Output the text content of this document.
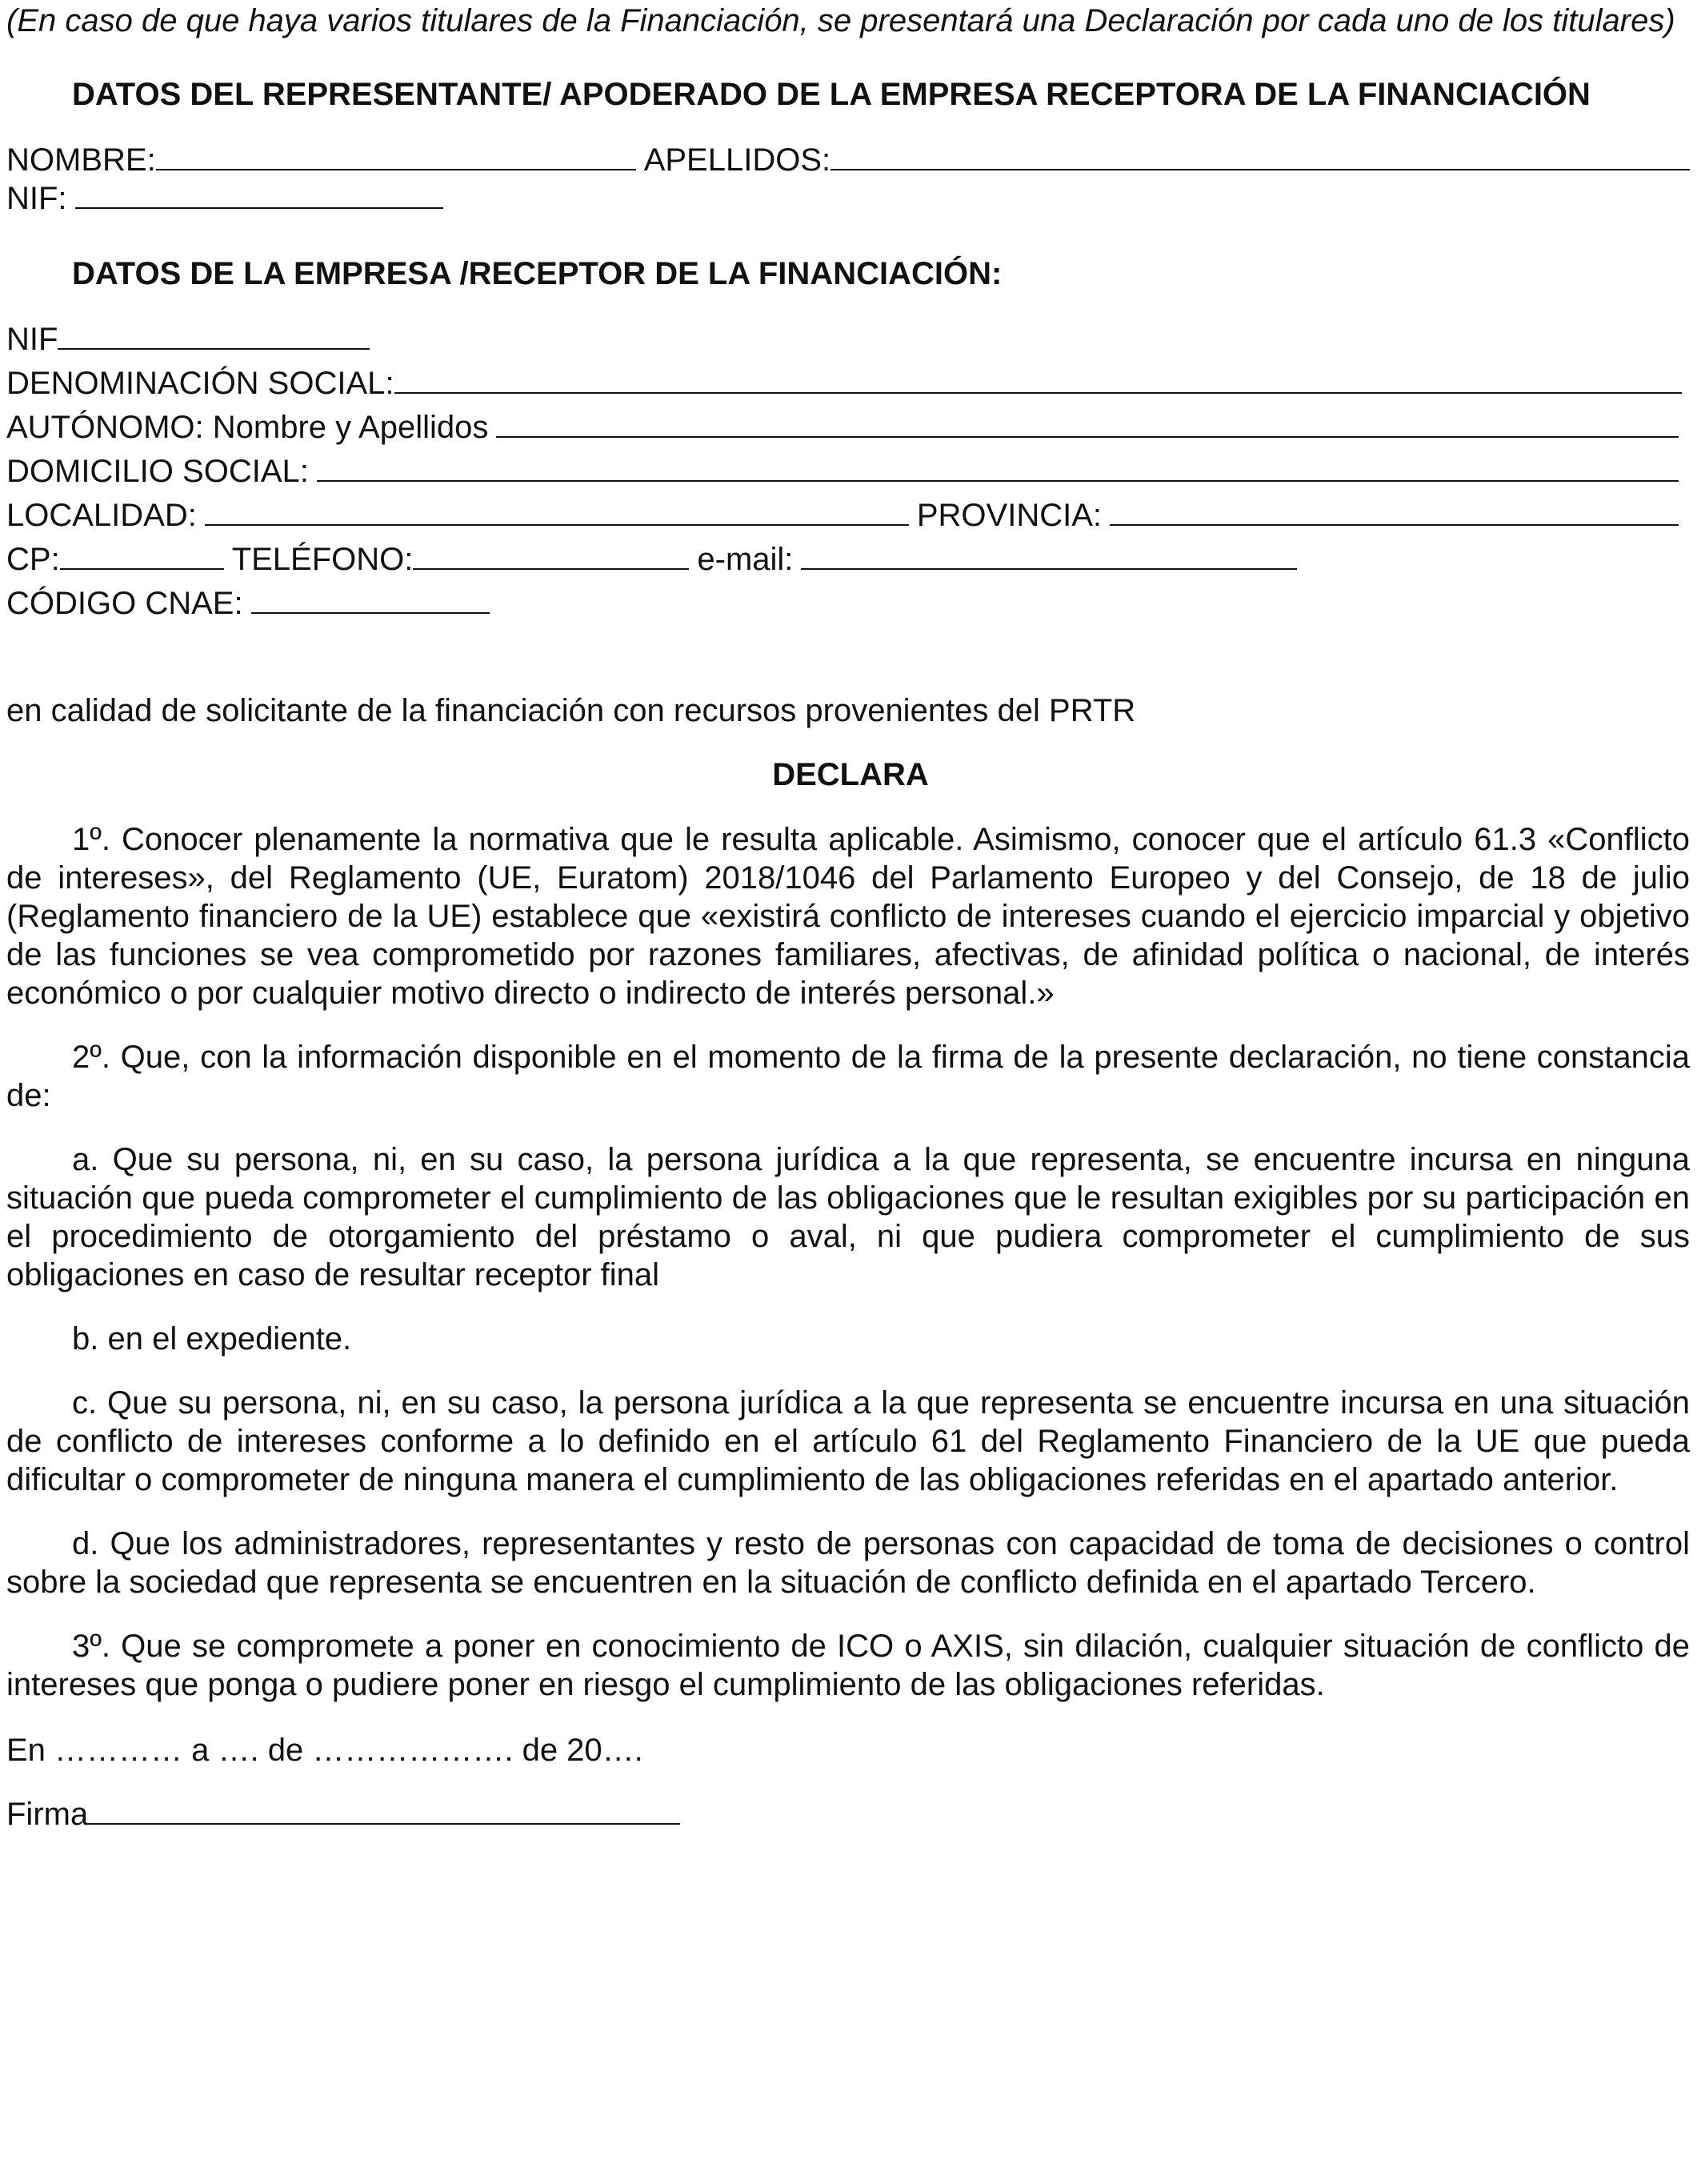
(En caso de que haya varios titulares de la Financiación, se presentará una Declaración por cada uno de los titulares)
DATOS DEL REPRESENTANTE/ APODERADO DE LA EMPRESA RECEPTORA DE LA FINANCIACIÓN
NOMBRE:	APELLIDOS:
NIF:
DATOS DE LA EMPRESA /RECEPTOR DE LA FINANCIACIÓN:
NIF
DENOMINACIÓN SOCIAL:
AUTÓNOMO: Nombre y Apellidos
DOMICILIO SOCIAL:
LOCALIDAD:	PROVINCIA:
CP:	TELÉFONO:	e-mail:
CÓDIGO CNAE:
en calidad de solicitante de la financiación con recursos provenientes del PRTR
DECLARA
1º. Conocer plenamente la normativa que le resulta aplicable. Asimismo, conocer que el artículo 61.3 «Conflicto de intereses», del Reglamento (UE, Euratom) 2018/1046 del Parlamento Europeo y del Consejo, de 18 de julio (Reglamento financiero de la UE) establece que «existirá conflicto de intereses cuando el ejercicio imparcial y objetivo de las funciones se vea comprometido por razones familiares, afectivas, de afinidad política o nacional, de interés económico o por cualquier motivo directo o indirecto de interés personal.»
2º. Que, con la información disponible en el momento de la firma de la presente declaración, no tiene constancia de:
a. Que su persona, ni, en su caso, la persona jurídica a la que representa, se encuentre incursa en ninguna situación que pueda comprometer el cumplimiento de las obligaciones que le resultan exigibles por su participación en el procedimiento de otorgamiento del préstamo o aval, ni que pudiera comprometer el cumplimiento de sus obligaciones en caso de resultar receptor final
b. en el expediente.
c. Que su persona, ni, en su caso, la persona jurídica a la que representa se encuentre incursa en una situación de conflicto de intereses conforme a lo definido en el artículo 61 del Reglamento Financiero de la UE que pueda dificultar o comprometer de ninguna manera el cumplimiento de las obligaciones referidas en el apartado anterior.
d. Que los administradores, representantes y resto de personas con capacidad de toma de decisiones o control sobre la sociedad que representa se encuentren en la situación de conflicto definida en el apartado Tercero.
3º. Que se compromete a poner en conocimiento de ICO o AXIS, sin dilación, cualquier situación de conflicto de intereses que ponga o pudiere poner en riesgo el cumplimiento de las obligaciones referidas.
En ………… a …. de ………………. de 20….
Firma
